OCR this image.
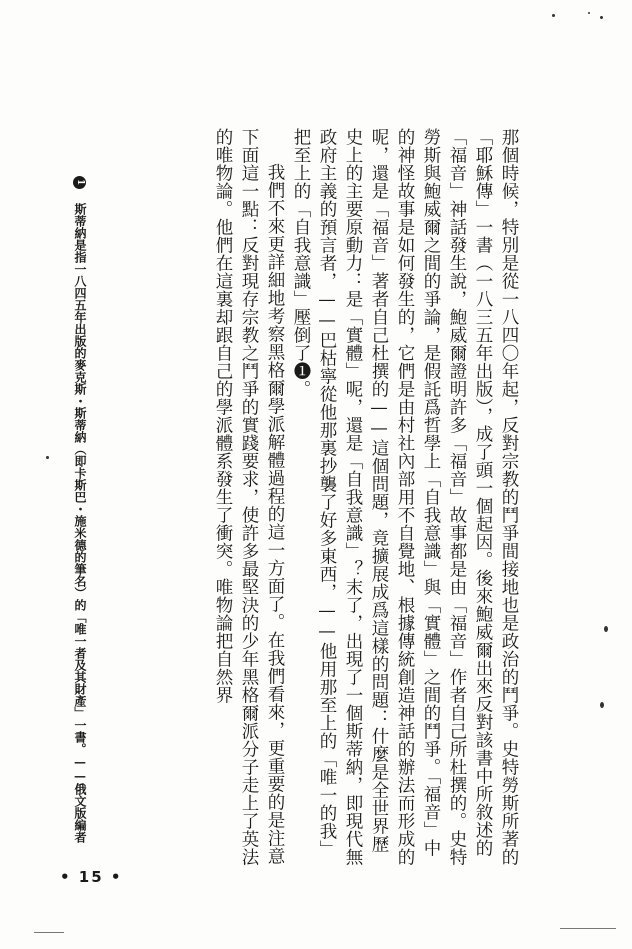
那個時候，特別是從一八四〇年起，反對宗教的鬥爭間接地也是政治的鬥爭。史特勞斯所著的「耶穌傳」一書（一八三五年出版），成了頭一個起因。後來鮑威爾出來反對該書中所敘述的「福音」神話發生說，鮑威爾證明許多「福音」故事都是由「福音」作者自己所杜撰的。史特勞斯與鮑威爾之間的爭論，是假託爲哲學上「自我意識」與「實體」之間的鬥爭。「福音」中的神怪故事是如何發生的，它們是由村社內部用不自覺地、根據傳統創造神話的辦法而形成的呢，還是「福音」著者自己杜撰的——這個問題，竟擴展成爲這樣的問題：什麼是全世界歷史上的主要原動力：是「實體」呢，還是「自我意識」？末了，出現了一個斯蒂納，即現代無政府主義的預言者，——巴枯寧從他那裏抄襲了好多東西，——他用那至上的「唯一的我」把至上的「自我意識」壓倒了❶。

我們不來更詳細地考察黑格爾學派解體過程的這一方面了。在我們看來，更重要的是注意下面這一點：反對現存宗教之鬥爭的實踐要求，使許多最堅決的少年黑格爾派分子走上了英法的唯物論。他們在這裏却跟自己的學派體系發生了衝突。唯物論把自然界

1 斯蒂納是指一八四五年出版的麥克斯・斯蒂納（即卡斯巴・施米德的筆名）的「唯一者及其財產」一書。——俄文版編者
• 15 •
